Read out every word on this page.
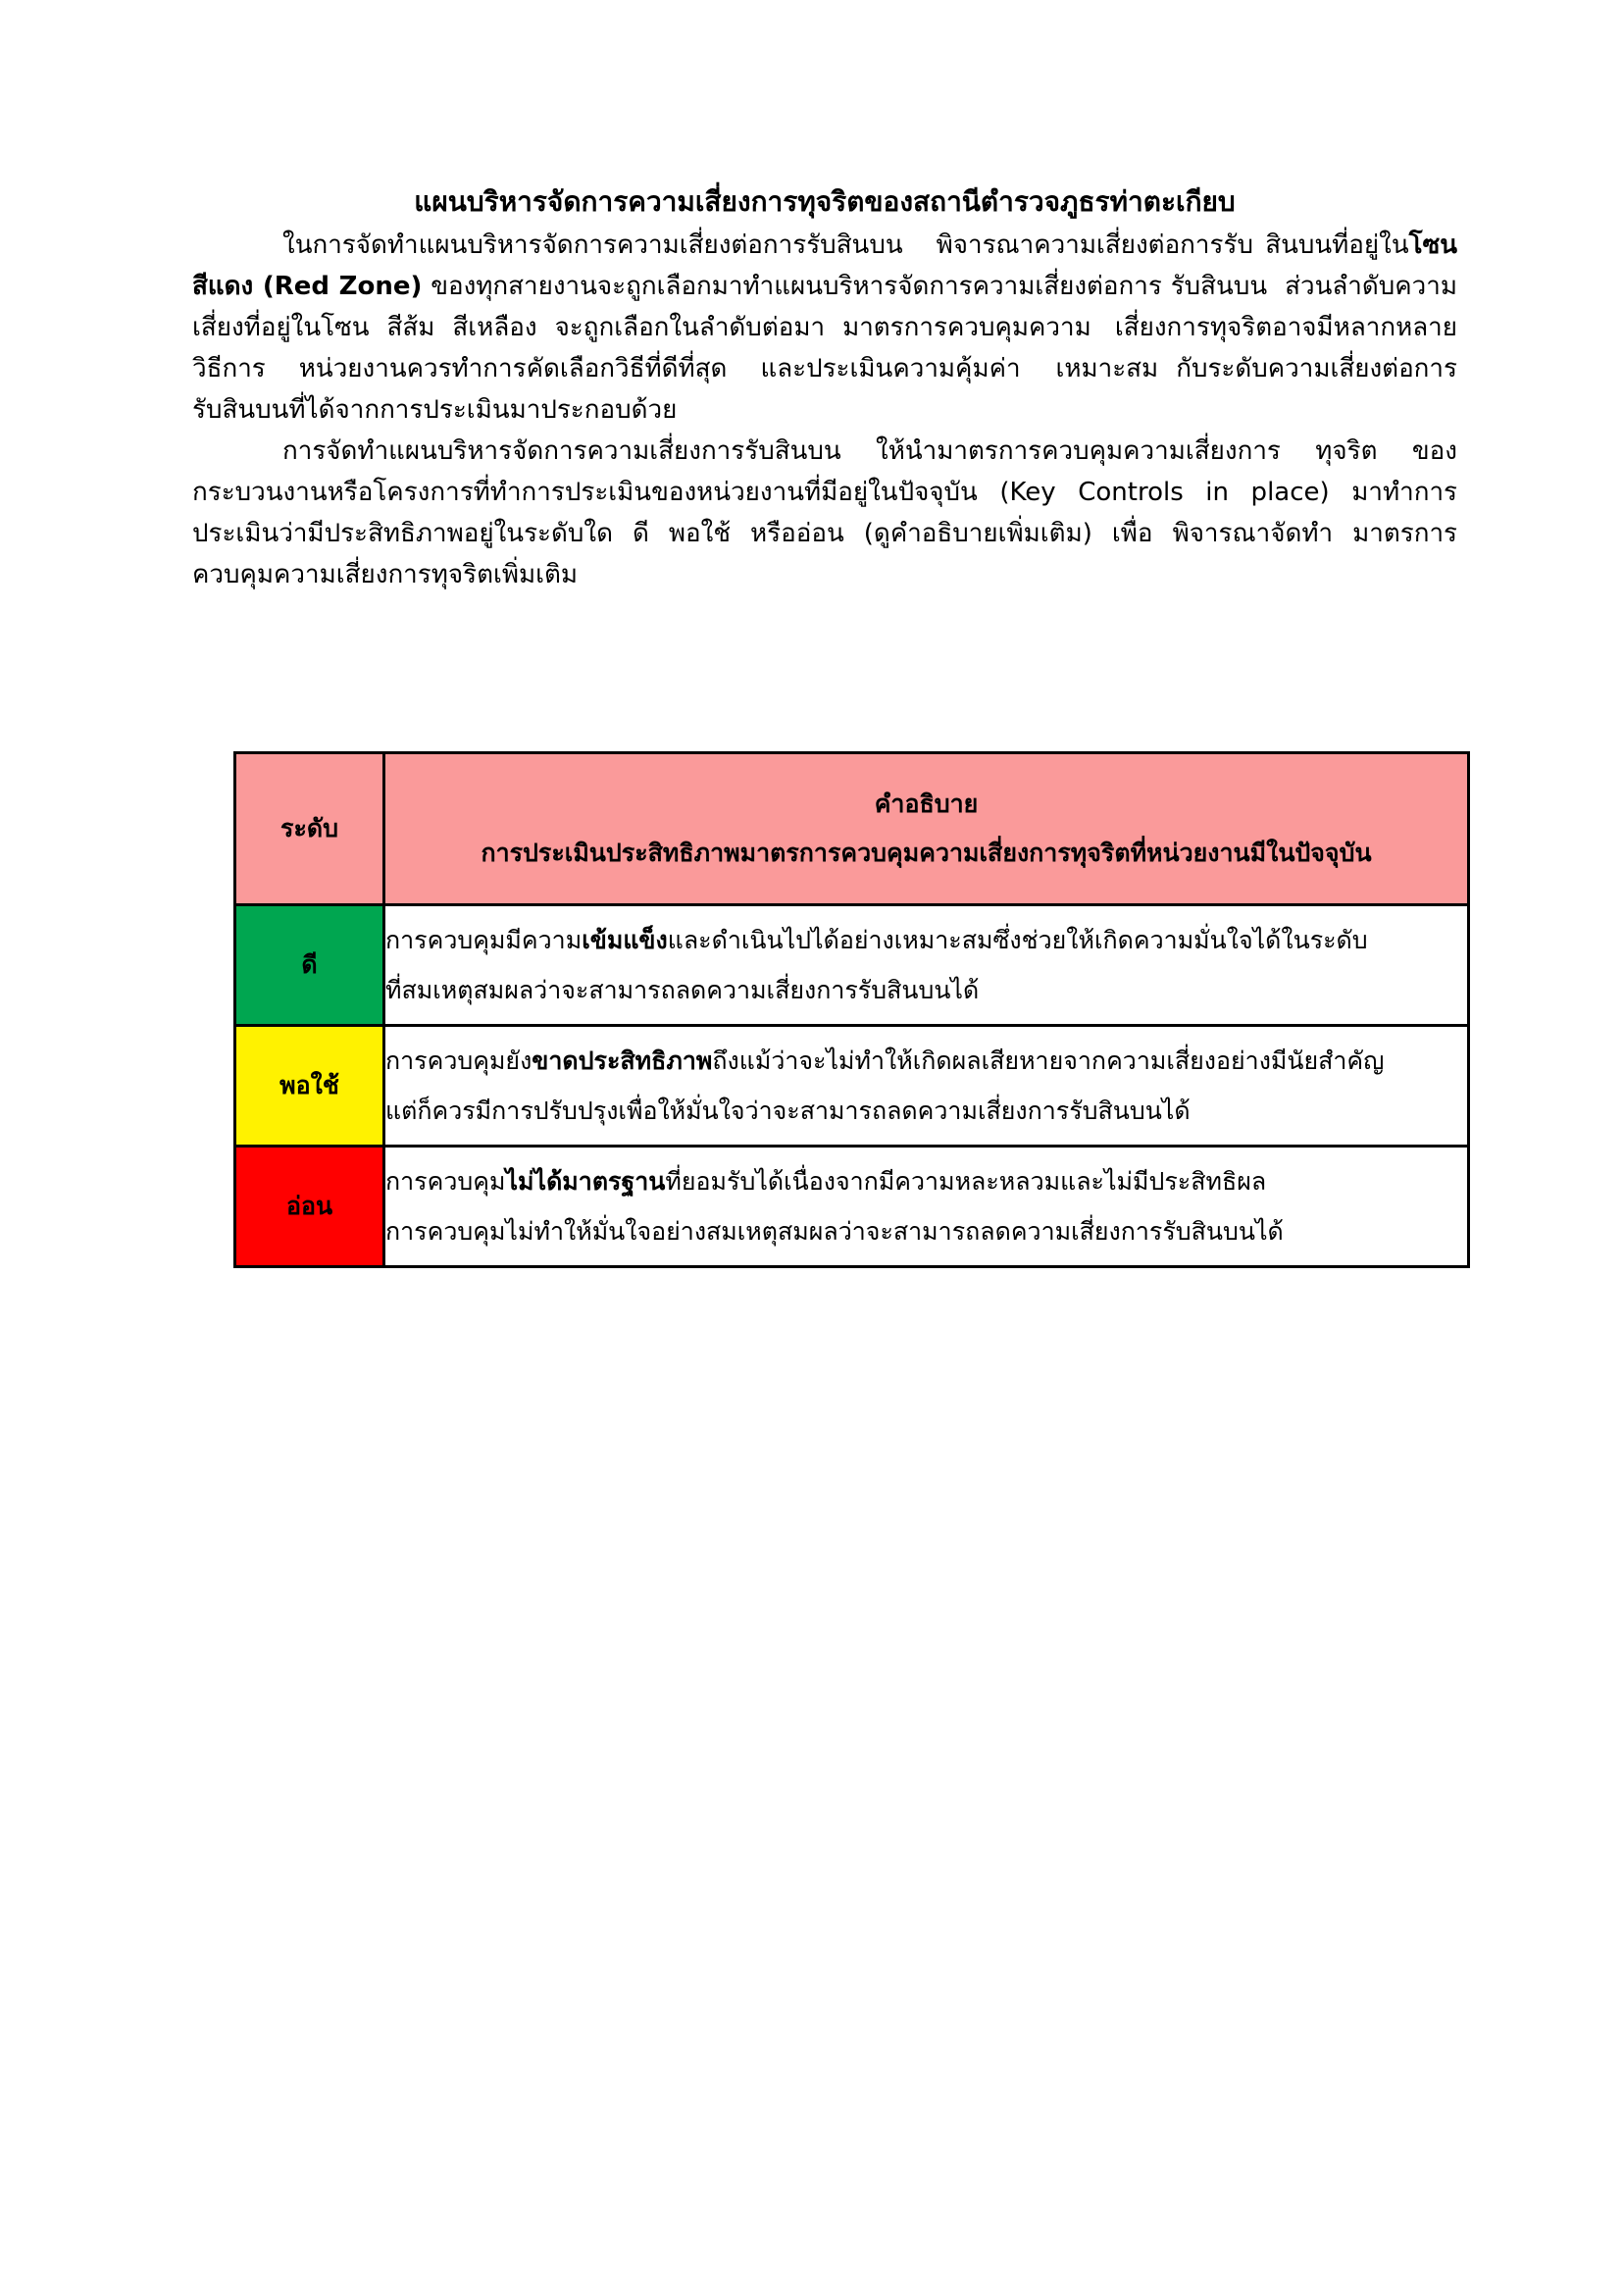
แผนบริหารจัดการความเสี่ยงการทุจริตของสถานีตำรวจภูธรท่าตะเกียบ

ในการจัดทำแผนบริหารจัดการความเสี่ยงต่อการรับสินบน พิจารณาความเสี่ยงต่อการรับ สินบนที่อยู่ในโซนสีแดง (Red Zone) ของทุกสายงานจะถูกเลือกมาทำแผนบริหารจัดการความเสี่ยงต่อการ รับสินบน ส่วนลำดับความเสี่ยงที่อยู่ในโซน สีส้ม สีเหลือง จะถูกเลือกในลำดับต่อมา มาตรการควบคุมความ เสี่ยงการทุจริตอาจมีหลากหลายวิธีการ หน่วยงานควรทำการคัดเลือกวิธีที่ดีที่สุด และประเมินความคุ้มค่า เหมาะสม กับระดับความเสี่ยงต่อการรับสินบนที่ได้จากการประเมินมาประกอบด้วย

การจัดทำแผนบริหารจัดการความเสี่ยงการรับสินบน ให้นำมาตรการควบคุมความเสี่ยงการ ทุจริต ของกระบวนงานหรือโครงการที่ทำการประเมินของหน่วยงานที่มีอยู่ในปัจจุบัน (Key Controls in place) มาทำการประเมินว่ามีประสิทธิภาพอยู่ในระดับใด ดี พอใช้ หรืออ่อน (ดูคำอธิบายเพิ่มเติม) เพื่อ พิจารณาจัดทำ มาตรการควบคุมความเสี่ยงการทุจริตเพิ่มเติม

ระดับ	คำอธิบาย
การประเมินประสิทธิภาพมาตรการควบคุมความเสี่ยงการทุจริตที่หน่วยงานมีในปัจจุบัน

ดี	การควบคุมมีความเข้มแข็งและดำเนินไปได้อย่างเหมาะสมซึ่งช่วยให้เกิดความมั่นใจได้ในระดับ
ที่สมเหตุสมผลว่าจะสามารถลดความเสี่ยงการรับสินบนได้

พอใช้	การควบคุมยังขาดประสิทธิภาพถึงแม้ว่าจะไม่ทำให้เกิดผลเสียหายจากความเสี่ยงอย่างมีนัยสำคัญ
แต่ก็ควรมีการปรับปรุงเพื่อให้มั่นใจว่าจะสามารถลดความเสี่ยงการรับสินบนได้

อ่อน	การควบคุมไม่ได้มาตรฐานที่ยอมรับได้เนื่องจากมีความหละหลวมและไม่มีประสิทธิผล
การควบคุมไม่ทำให้มั่นใจอย่างสมเหตุสมผลว่าจะสามารถลดความเสี่ยงการรับสินบนได้
